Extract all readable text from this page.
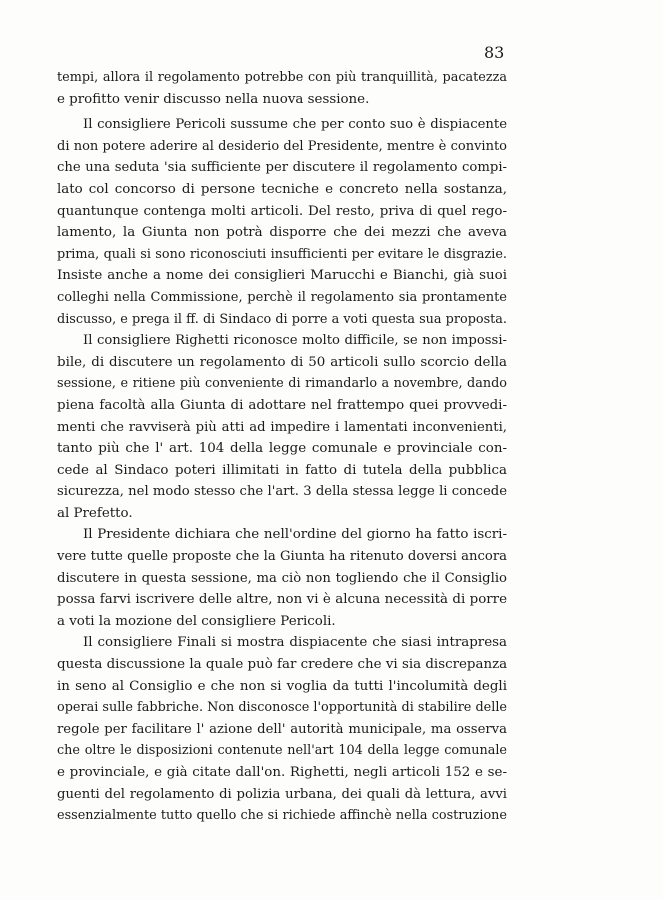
83
tempi, allora il regolamento potrebbe con più tranquillità, pacatezza
e profitto venir discusso nella nuova sessione.
Il consigliere Pericoli sussume che per conto suo è dispiacente
di non potere aderire al desiderio del Presidente, mentre è convinto
che una seduta 'sia sufficiente per discutere il regolamento compi-
lato col concorso di persone tecniche e concreto nella sostanza,
quantunque contenga molti articoli. Del resto, priva di quel rego-
lamento, la Giunta non potrà disporre che dei mezzi che aveva
prima, quali si sono riconosciuti insufficienti per evitare le disgrazie.
Insiste anche a nome dei consiglieri Marucchi e Bianchi, già suoi
colleghi nella Commissione, perchè il regolamento sia prontamente
discusso, e prega il ff. di Sindaco di porre a voti questa sua proposta.
Il consigliere Righetti riconosce molto difficile, se non impossi-
bile, di discutere un regolamento di 50 articoli sullo scorcio della
sessione, e ritiene più conveniente di rimandarlo a novembre, dando
piena facoltà alla Giunta di adottare nel frattempo quei provvedi-
menti che ravviserà più atti ad impedire i lamentati inconvenienti,
tanto più che l' art. 104 della legge comunale e provinciale con-
cede al Sindaco poteri illimitati in fatto di tutela della pubblica
sicurezza, nel modo stesso che l'art. 3 della stessa legge li concede
al Prefetto.
Il Presidente dichiara che nell'ordine del giorno ha fatto iscri-
vere tutte quelle proposte che la Giunta ha ritenuto doversi ancora
discutere in questa sessione, ma ciò non togliendo che il Consiglio
possa farvi iscrivere delle altre, non vi è alcuna necessità di porre
a voti la mozione del consigliere Pericoli.
Il consigliere Finali si mostra dispiacente che siasi intrapresa
questa discussione la quale può far credere che vi sia discrepanza
in seno al Consiglio e che non si voglia da tutti l'incolumità degli
operai sulle fabbriche. Non disconosce l'opportunità di stabilire delle
regole per facilitare l' azione dell' autorità municipale, ma osserva
che oltre le disposizioni contenute nell'art 104 della legge comunale
e provinciale, e già citate dall'on. Righetti, negli articoli 152 e se-
guenti del regolamento di polizia urbana, dei quali dà lettura, avvi
essenzialmente tutto quello che si richiede affinchè nella costruzione
